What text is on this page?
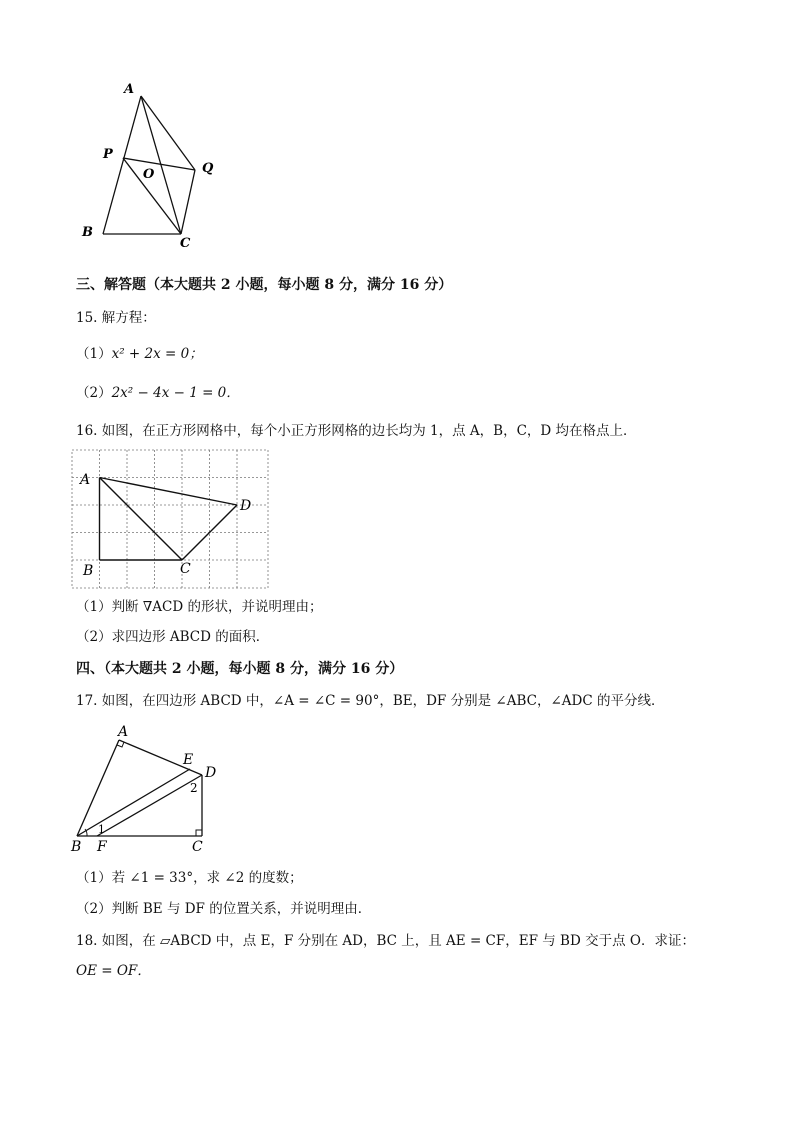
A
P
O	Q
B
C
三、解答题（本大题共 2 小题，每小题 8 分，满分 16 分）
15. 解方程：
（1）x² + 2x = 0；
（2）2x² − 4x − 1 = 0．
16. 如图，在正方形网格中，每个小正方形网格的边长均为 1，点 A，B，C，D 均在格点上．
A
B	C
D
（1）判断 ∇ACD 的形状，并说明理由；
（2）求四边形 ABCD 的面积．
四、（本大题共 2 小题，每小题 8 分，满分 16 分）
17. 如图，在四边形 ABCD 中，∠A = ∠C = 90°，BE，DF 分别是 ∠ABC，∠ADC 的平分线．
A
E
D
B F	C
1
2
（1）若 ∠1 = 33°，求 ∠2 的度数；
（2）判断 BE 与 DF 的位置关系，并说明理由．
18. 如图，在 ▱ABCD 中，点 E，F 分别在 AD，BC 上，且 AE = CF，EF 与 BD 交于点 O．求证：
OE = OF．
